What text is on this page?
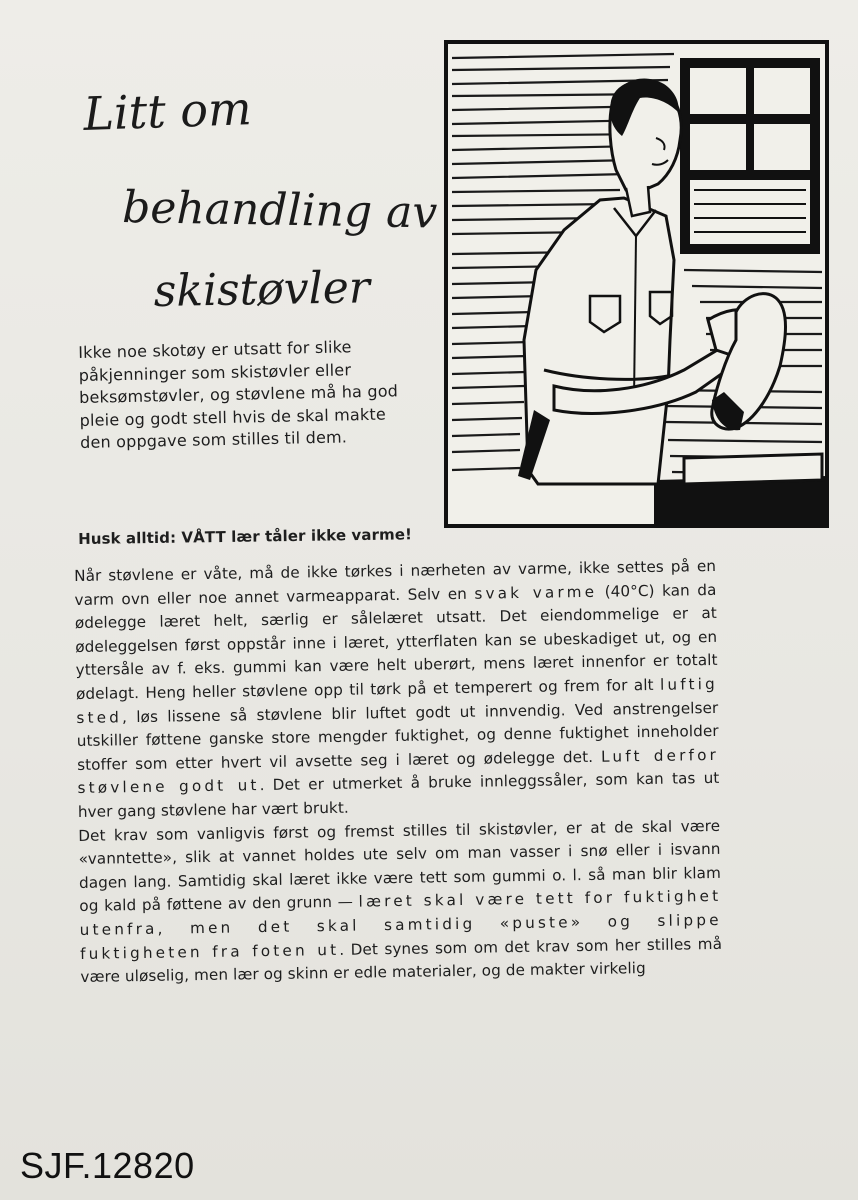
Litt om
behandling av
skistøvler
Ikke noe skotøy er utsatt for slike påkjenninger som skistøvler eller beksømstøvler, og støvlene må ha god pleie og godt stell hvis de skal makte den oppgave som stilles til dem.
Husk alltid: VÅTT lær tåler ikke varme!

Når støvlene er våte, må de ikke tørkes i nærheten av varme, ikke settes på en varm ovn eller noe annet varmeapparat. Selv en svak varme (40°C) kan da ødelegge læret helt, særlig er sålelæret utsatt. Det eiendommelige er at ødeleggelsen først oppstår inne i læret, ytterflaten kan se ubeskadiget ut, og en yttersåle av f. eks. gummi kan være helt uberørt, mens læret innenfor er totalt ødelagt. Heng heller støvlene opp til tørk på et temperert og frem for alt luftig sted, løs lissene så støvlene blir luftet godt ut innvendig. Ved anstrengelser utskiller føttene ganske store mengder fuktighet, og denne fuktighet inneholder stoffer som etter hvert vil avsette seg i læret og ødelegge det. Luft derfor støvlene godt ut. Det er utmerket å bruke innleggssåler, som kan tas ut hver gang støvlene har vært brukt.

Det krav som vanligvis først og fremst stilles til skistøvler, er at de skal være «vanntette», slik at vannet holdes ute selv om man vasser i snø eller i isvann dagen lang. Samtidig skal læret ikke være tett som gummi o. l. så man blir klam og kald på føttene av den grunn — læret skal være tett for fuktighet utenfra, men det skal samtidig «puste» og slippe fuktigheten fra foten ut. Det synes som om det krav som her stilles må være uløselig, men lær og skinn er edle materialer, og de makter virkelig

SJF.12820
